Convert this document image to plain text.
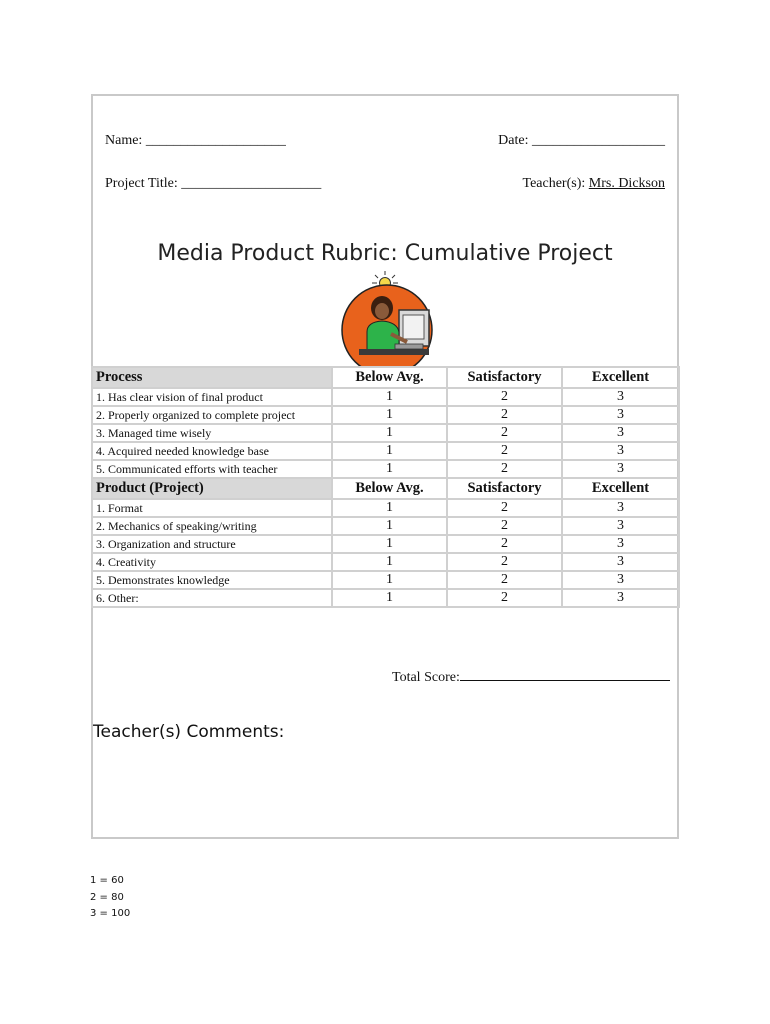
Name: ____________________	Date: ___________________
Project Title: ____________________	Teacher(s): Mrs. Dickson
Media Product Rubric: Cumulative Project
Process	Below Avg.	Satisfactory	Excellent
1. Has clear vision of final product	1	2	3
2. Properly organized to complete project	1	2	3
3. Managed time wisely	1	2	3
4. Acquired needed knowledge base	1	2	3
5. Communicated efforts with teacher	1	2	3
Product (Project)	Below Avg.	Satisfactory	Excellent
1. Format	1	2	3
2. Mechanics of speaking/writing	1	2	3
3. Organization and structure	1	2	3
4. Creativity	1	2	3
5. Demonstrates knowledge	1	2	3
6. Other:	1	2	3
Total Score:
Teacher(s) Comments:
1 = 60
2 = 80
3 = 100
